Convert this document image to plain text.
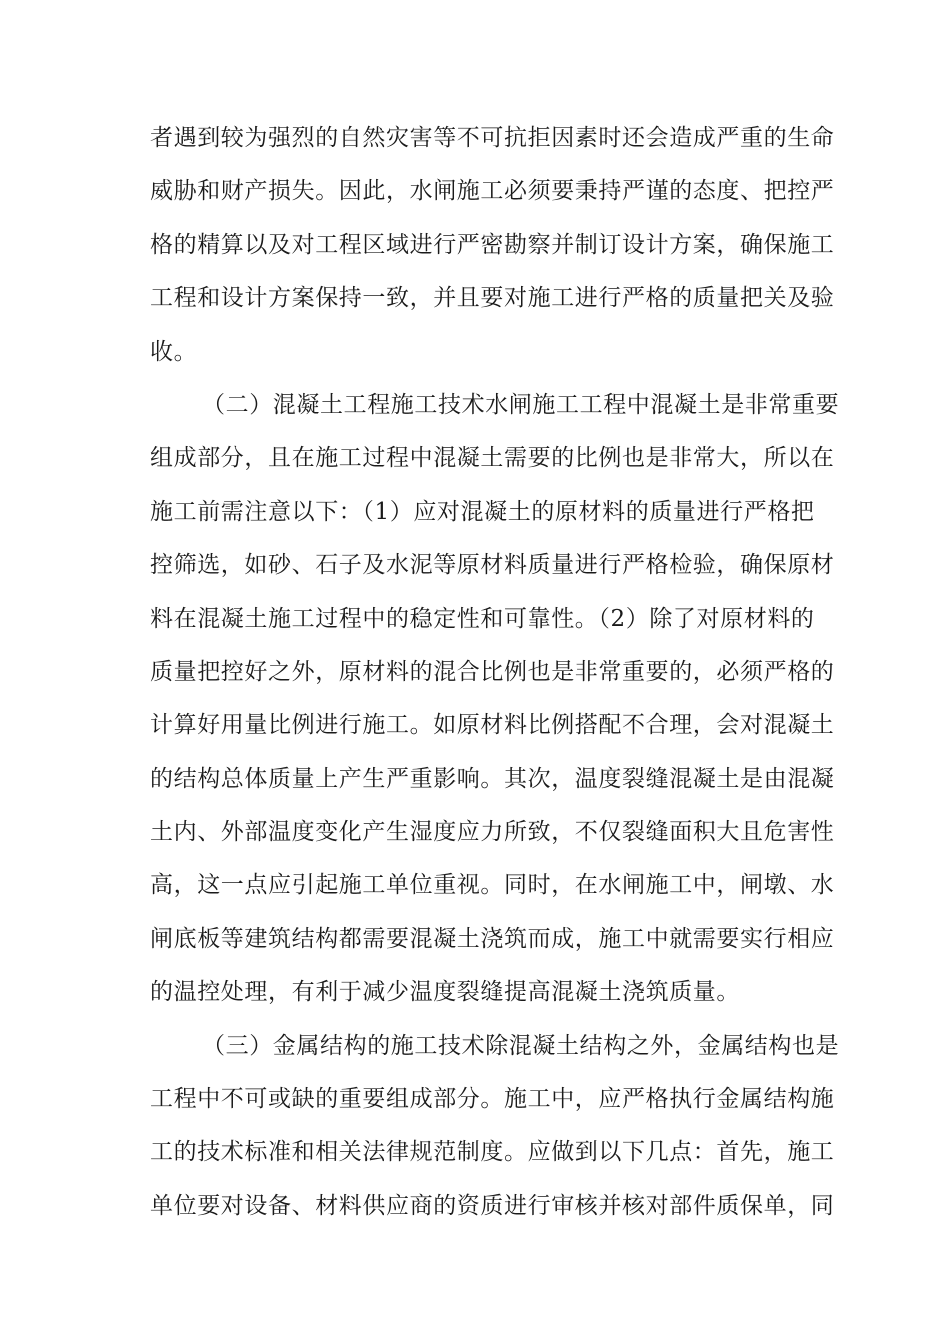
者遇到较为强烈的自然灾害等不可抗拒因素时还会造成严重的生命
威胁和财产损失。因此，水闸施工必须要秉持严谨的态度、把控严
格的精算以及对工程区域进行严密勘察并制订设计方案，确保施工
工程和设计方案保持一致，并且要对施工进行严格的质量把关及验
收。
（二）混凝土工程施工技术水闸施工工程中混凝土是非常重要
组成部分，且在施工过程中混凝土需要的比例也是非常大，所以在
施工前需注意以下：（1）应对混凝土的原材料的质量进行严格把
控筛选，如砂、石子及水泥等原材料质量进行严格检验，确保原材
料在混凝土施工过程中的稳定性和可靠性。（2）除了对原材料的
质量把控好之外，原材料的混合比例也是非常重要的，必须严格的
计算好用量比例进行施工。如原材料比例搭配不合理，会对混凝土
的结构总体质量上产生严重影响。其次，温度裂缝混凝土是由混凝
土内、外部温度变化产生湿度应力所致，不仅裂缝面积大且危害性
高，这一点应引起施工单位重视。同时，在水闸施工中，闸墩、水
闸底板等建筑结构都需要混凝土浇筑而成，施工中就需要实行相应
的温控处理，有利于减少温度裂缝提高混凝土浇筑质量。
（三）金属结构的施工技术除混凝土结构之外，金属结构也是
工程中不可或缺的重要组成部分。施工中，应严格执行金属结构施
工的技术标准和相关法律规范制度。应做到以下几点：首先，施工
单位要对设备、材料供应商的资质进行审核并核对部件质保单，同
